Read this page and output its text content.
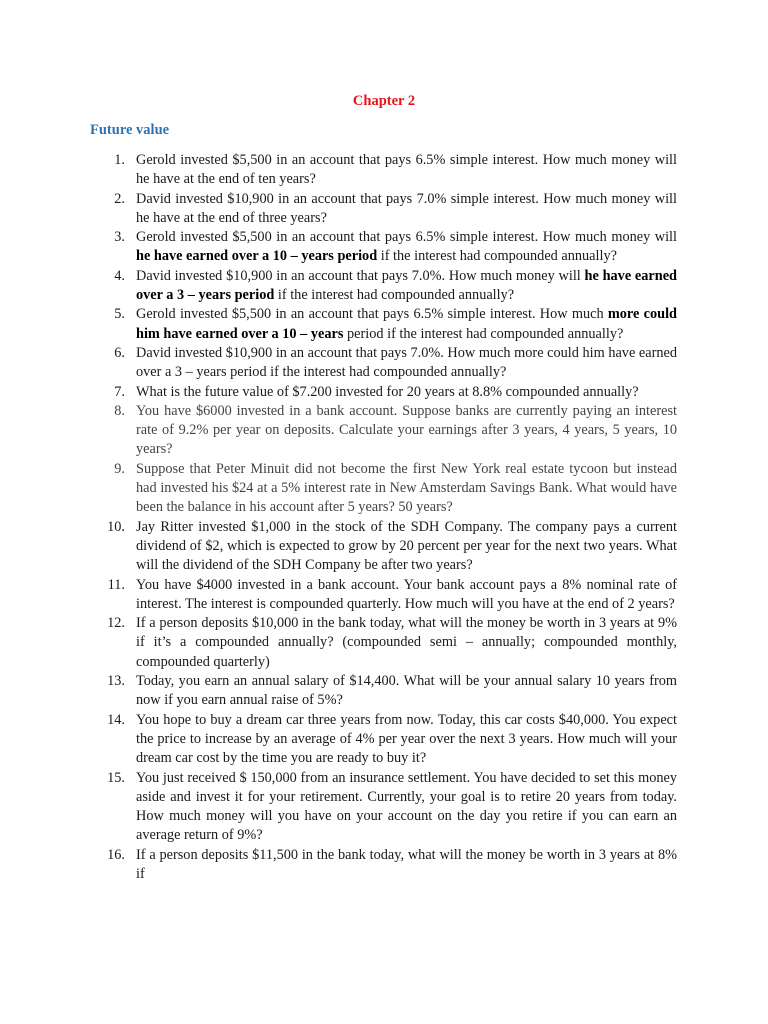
Chapter 2
Future value
1. Gerold invested $5,500 in an account that pays 6.5% simple interest. How much money will he have at the end of ten years?
2. David invested $10,900 in an account that pays 7.0% simple interest. How much money will he have at the end of three years?
3. Gerold invested $5,500 in an account that pays 6.5% simple interest. How much money will he have earned over a 10 – years period if the interest had compounded annually?
4. David invested $10,900 in an account that pays 7.0%. How much money will he have earned over a 3 – years period if the interest had compounded annually?
5. Gerold invested $5,500 in an account that pays 6.5% simple interest. How much more could him have earned over a 10 – years period if the interest had compounded annually?
6. David invested $10,900 in an account that pays 7.0%. How much more could him have earned over a 3 – years period if the interest had compounded annually?
7. What is the future value of $7.200 invested for 20 years at 8.8% compounded annually?
8. You have $6000 invested in a bank account. Suppose banks are currently paying an interest rate of 9.2% per year on deposits. Calculate your earnings after 3 years, 4 years, 5 years, 10 years?
9. Suppose that Peter Minuit did not become the first New York real estate tycoon but instead had invested his $24 at a 5% interest rate in New Amsterdam Savings Bank. What would have been the balance in his account after 5 years? 50 years?
10. Jay Ritter invested $1,000 in the stock of the SDH Company. The company pays a current dividend of $2, which is expected to grow by 20 percent per year for the next two years. What will the dividend of the SDH Company be after two years?
11. You have $4000 invested in a bank account. Your bank account pays a 8% nominal rate of interest. The interest is compounded quarterly. How much will you have at the end of 2 years?
12. If a person deposits $10,000 in the bank today, what will the money be worth in 3 years at 9% if it’s a compounded annually? (compounded semi – annually; compounded monthly, compounded quarterly)
13. Today, you earn an annual salary of $14,400. What will be your annual salary 10 years from now if you earn annual raise of 5%?
14. You hope to buy a dream car three years from now. Today, this car costs $40,000. You expect the price to increase by an average of 4% per year over the next 3 years. How much will your dream car cost by the time you are ready to buy it?
15. You just received $ 150,000 from an insurance settlement. You have decided to set this money aside and invest it for your retirement. Currently, your goal is to retire 20 years from today. How much money will you have on your account on the day you retire if you can earn an average return of 9%?
16. If a person deposits $11,500 in the bank today, what will the money be worth in 3 years at 8% if
